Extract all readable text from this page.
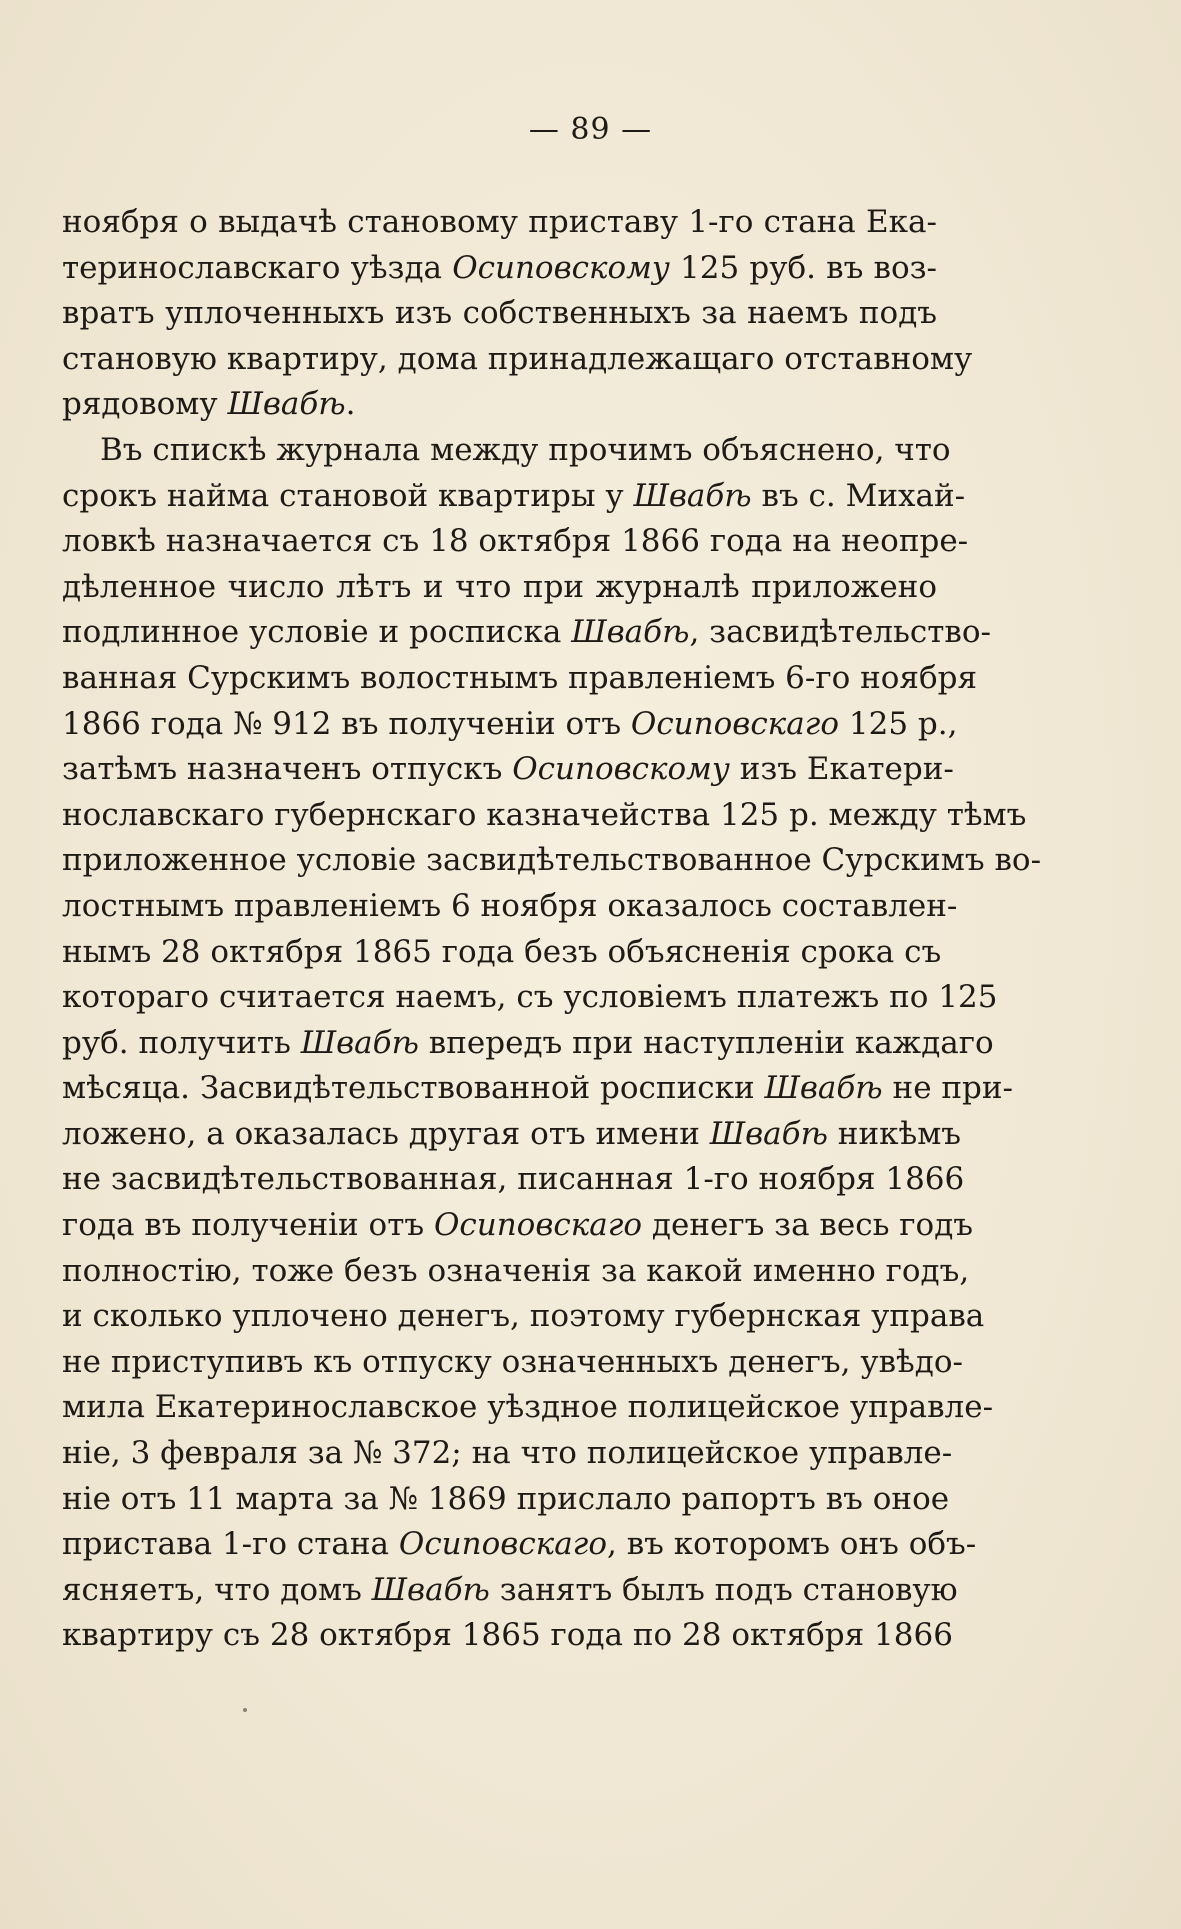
— 89 —
ноября о выдачѣ становому приставу 1-го стана Ека-
теринославскаго уѣзда Осиповскому 125 руб. въ воз-
вратъ уплоченныхъ изъ собственныхъ за наемъ подъ
становую квартиру, дома принадлежащаго отставному
рядовому Швабѣ.
Въ спискѣ журнала между прочимъ объяснено, что
срокъ найма становой квартиры у Швабѣ въ с. Михай-
ловкѣ назначается съ 18 октября 1866 года на неопре-
дѣленное число лѣтъ и что при журналѣ приложено
подлинное условіе и росписка Швабѣ, засвидѣтельство-
ванная Сурскимъ волостнымъ правленіемъ 6-го ноября
1866 года № 912 въ полученіи отъ Осиповскаго 125 р.,
затѣмъ назначенъ отпускъ Осиповскому изъ Екатери-
нославскаго губернскаго казначейства 125 р. между тѣмъ
приложенное условіе засвидѣтельствованное Сурскимъ во-
лостнымъ правленіемъ 6 ноября оказалось составлен-
нымъ 28 октября 1865 года безъ объясненія срока съ
котораго считается наемъ, съ условіемъ платежъ по 125
руб. получить Швабѣ впередъ при наступленіи каждаго
мѣсяца. Засвидѣтельствованной росписки Швабѣ не при-
ложено, а оказалась другая отъ имени Швабѣ никѣмъ
не засвидѣтельствованная, писанная 1-го ноября 1866
года въ полученіи отъ Осиповскаго денегъ за весь годъ
полностію, тоже безъ означенія за какой именно годъ,
и сколько уплочено денегъ, поэтому губернская управа
не приступивъ къ отпуску означенныхъ денегъ, увѣдо-
мила Екатеринославское уѣздное полицейское управле-
ніе, 3 февраля за № 372; на что полицейское управле-
ніе отъ 11 марта за № 1869 прислало рапортъ въ оное
пристава 1-го стана Осиповскаго, въ которомъ онъ объ-
ясняетъ, что домъ Швабѣ занятъ былъ подъ становую
квартиру съ 28 октября 1865 года по 28 октября 1866
